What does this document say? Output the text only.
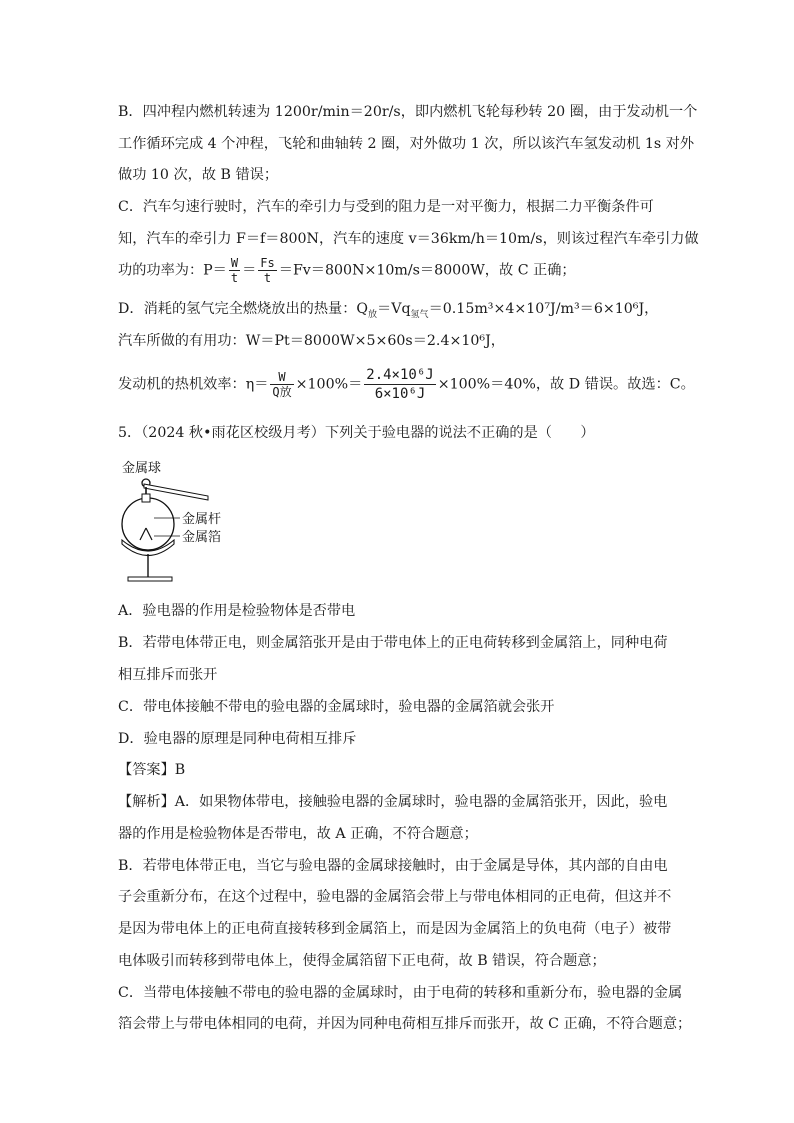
B．四冲程内燃机转速为 1200r/min＝20r/s，即内燃机飞轮每秒转 20 圈，由于发动机一个
工作循环完成 4 个冲程，飞轮和曲轴转 2 圈，对外做功 1 次，所以该汽车氢发动机 1s 对外
做功 10 次，故 B 错误；
C．汽车匀速行驶时，汽车的牵引力与受到的阻力是一对平衡力，根据二力平衡条件可
知，汽车的牵引力 F＝f＝800N，汽车的速度 v＝36km/h＝10m/s，则该过程汽车牵引力做
功的功率为：$P= \frac{W}{t} = \frac{Fs}{t} =Fv=800N\times 10m/s=8000W$，故 C 正确；
D．消耗的氢气完全燃烧放出的热量：$Q_放=Vq_{氢气}=0.15m^3\times 4\times 10^7J/m^3=6\times 10^6J$，
汽车所做的有用功：W＝Pt＝8000W×5×60s＝2.4×10⁶J，
发动机的热机效率：$\eta= \frac{W}{\text{Q放}} \times 100\%= \frac{\text{2.4×10⁶J}}{\text{6×10⁶J}} \times 100\%=40\%$，故 D 错误。故选：C。
5．（2024 秋•雨花区校级月考）下列关于验电器的说法不正确的是（　　）
金属球
金属杆
金属箔
A．验电器的作用是检验物体是否带电
B．若带电体带正电，则金属箔张开是由于带电体上的正电荷转移到金属箔上，同种电荷
相互排斥而张开
C．带电体接触不带电的验电器的金属球时，验电器的金属箔就会张开
D．验电器的原理是同种电荷相互排斥
【答案】B
【解析】A．如果物体带电，接触验电器的金属球时，验电器的金属箔张开，因此，验电
器的作用是检验物体是否带电，故 A 正确，不符合题意；
B．若带电体带正电，当它与验电器的金属球接触时，由于金属是导体，其内部的自由电
子会重新分布，在这个过程中，验电器的金属箔会带上与带电体相同的正电荷，但这并不
是因为带电体上的正电荷直接转移到金属箔上，而是因为金属箔上的负电荷（电子）被带
电体吸引而转移到带电体上，使得金属箔留下正电荷，故 B 错误，符合题意；
C．当带电体接触不带电的验电器的金属球时，由于电荷的转移和重新分布，验电器的金属
箔会带上与带电体相同的电荷，并因为同种电荷相互排斥而张开，故 C 正确，不符合题意；
